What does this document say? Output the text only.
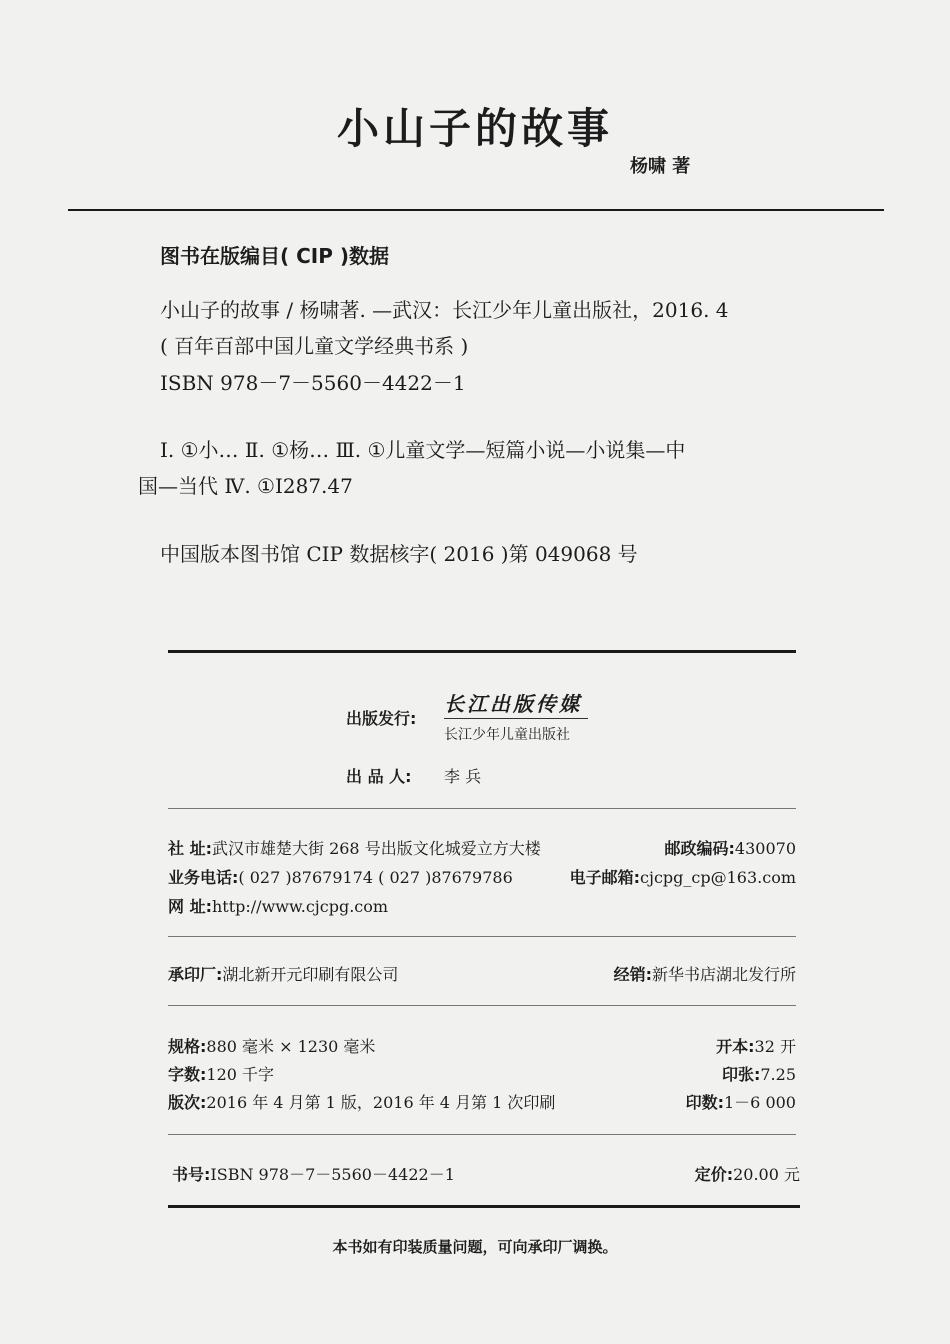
小山子的故事
杨啸 著
图书在版编目( CIP )数据
小山子的故事 / 杨啸著. —武汉：长江少年儿童出版社，2016. 4
( 百年百部中国儿童文学经典书系 )
ISBN 978－7－5560－4422－1
Ⅰ. ①小… Ⅱ. ①杨… Ⅲ. ①儿童文学—短篇小说—小说集—中
国—当代 Ⅳ. ①I287.47
中国版本图书馆 CIP 数据核字( 2016 )第 049068 号
出版发行:
长江出版传媒
长江少年儿童出版社
出 品 人: 李 兵
社 址:武汉市雄楚大街 268 号出版文化城爱立方大楼	邮政编码:430070
业务电话:( 027 )87679174 ( 027 )87679786	电子邮箱:cjcpg_cp@163.com
网 址:http://www.cjcpg.com
承印厂:湖北新开元印刷有限公司	经销:新华书店湖北发行所
规格:880 毫米 × 1230 毫米	开本:32 开
字数:120 千字	印张:7.25
版次:2016 年 4 月第 1 版，2016 年 4 月第 1 次印刷	印数:1－6 000
书号:ISBN 978－7－5560－4422－1	定价:20.00 元
本书如有印装质量问题，可向承印厂调换。
